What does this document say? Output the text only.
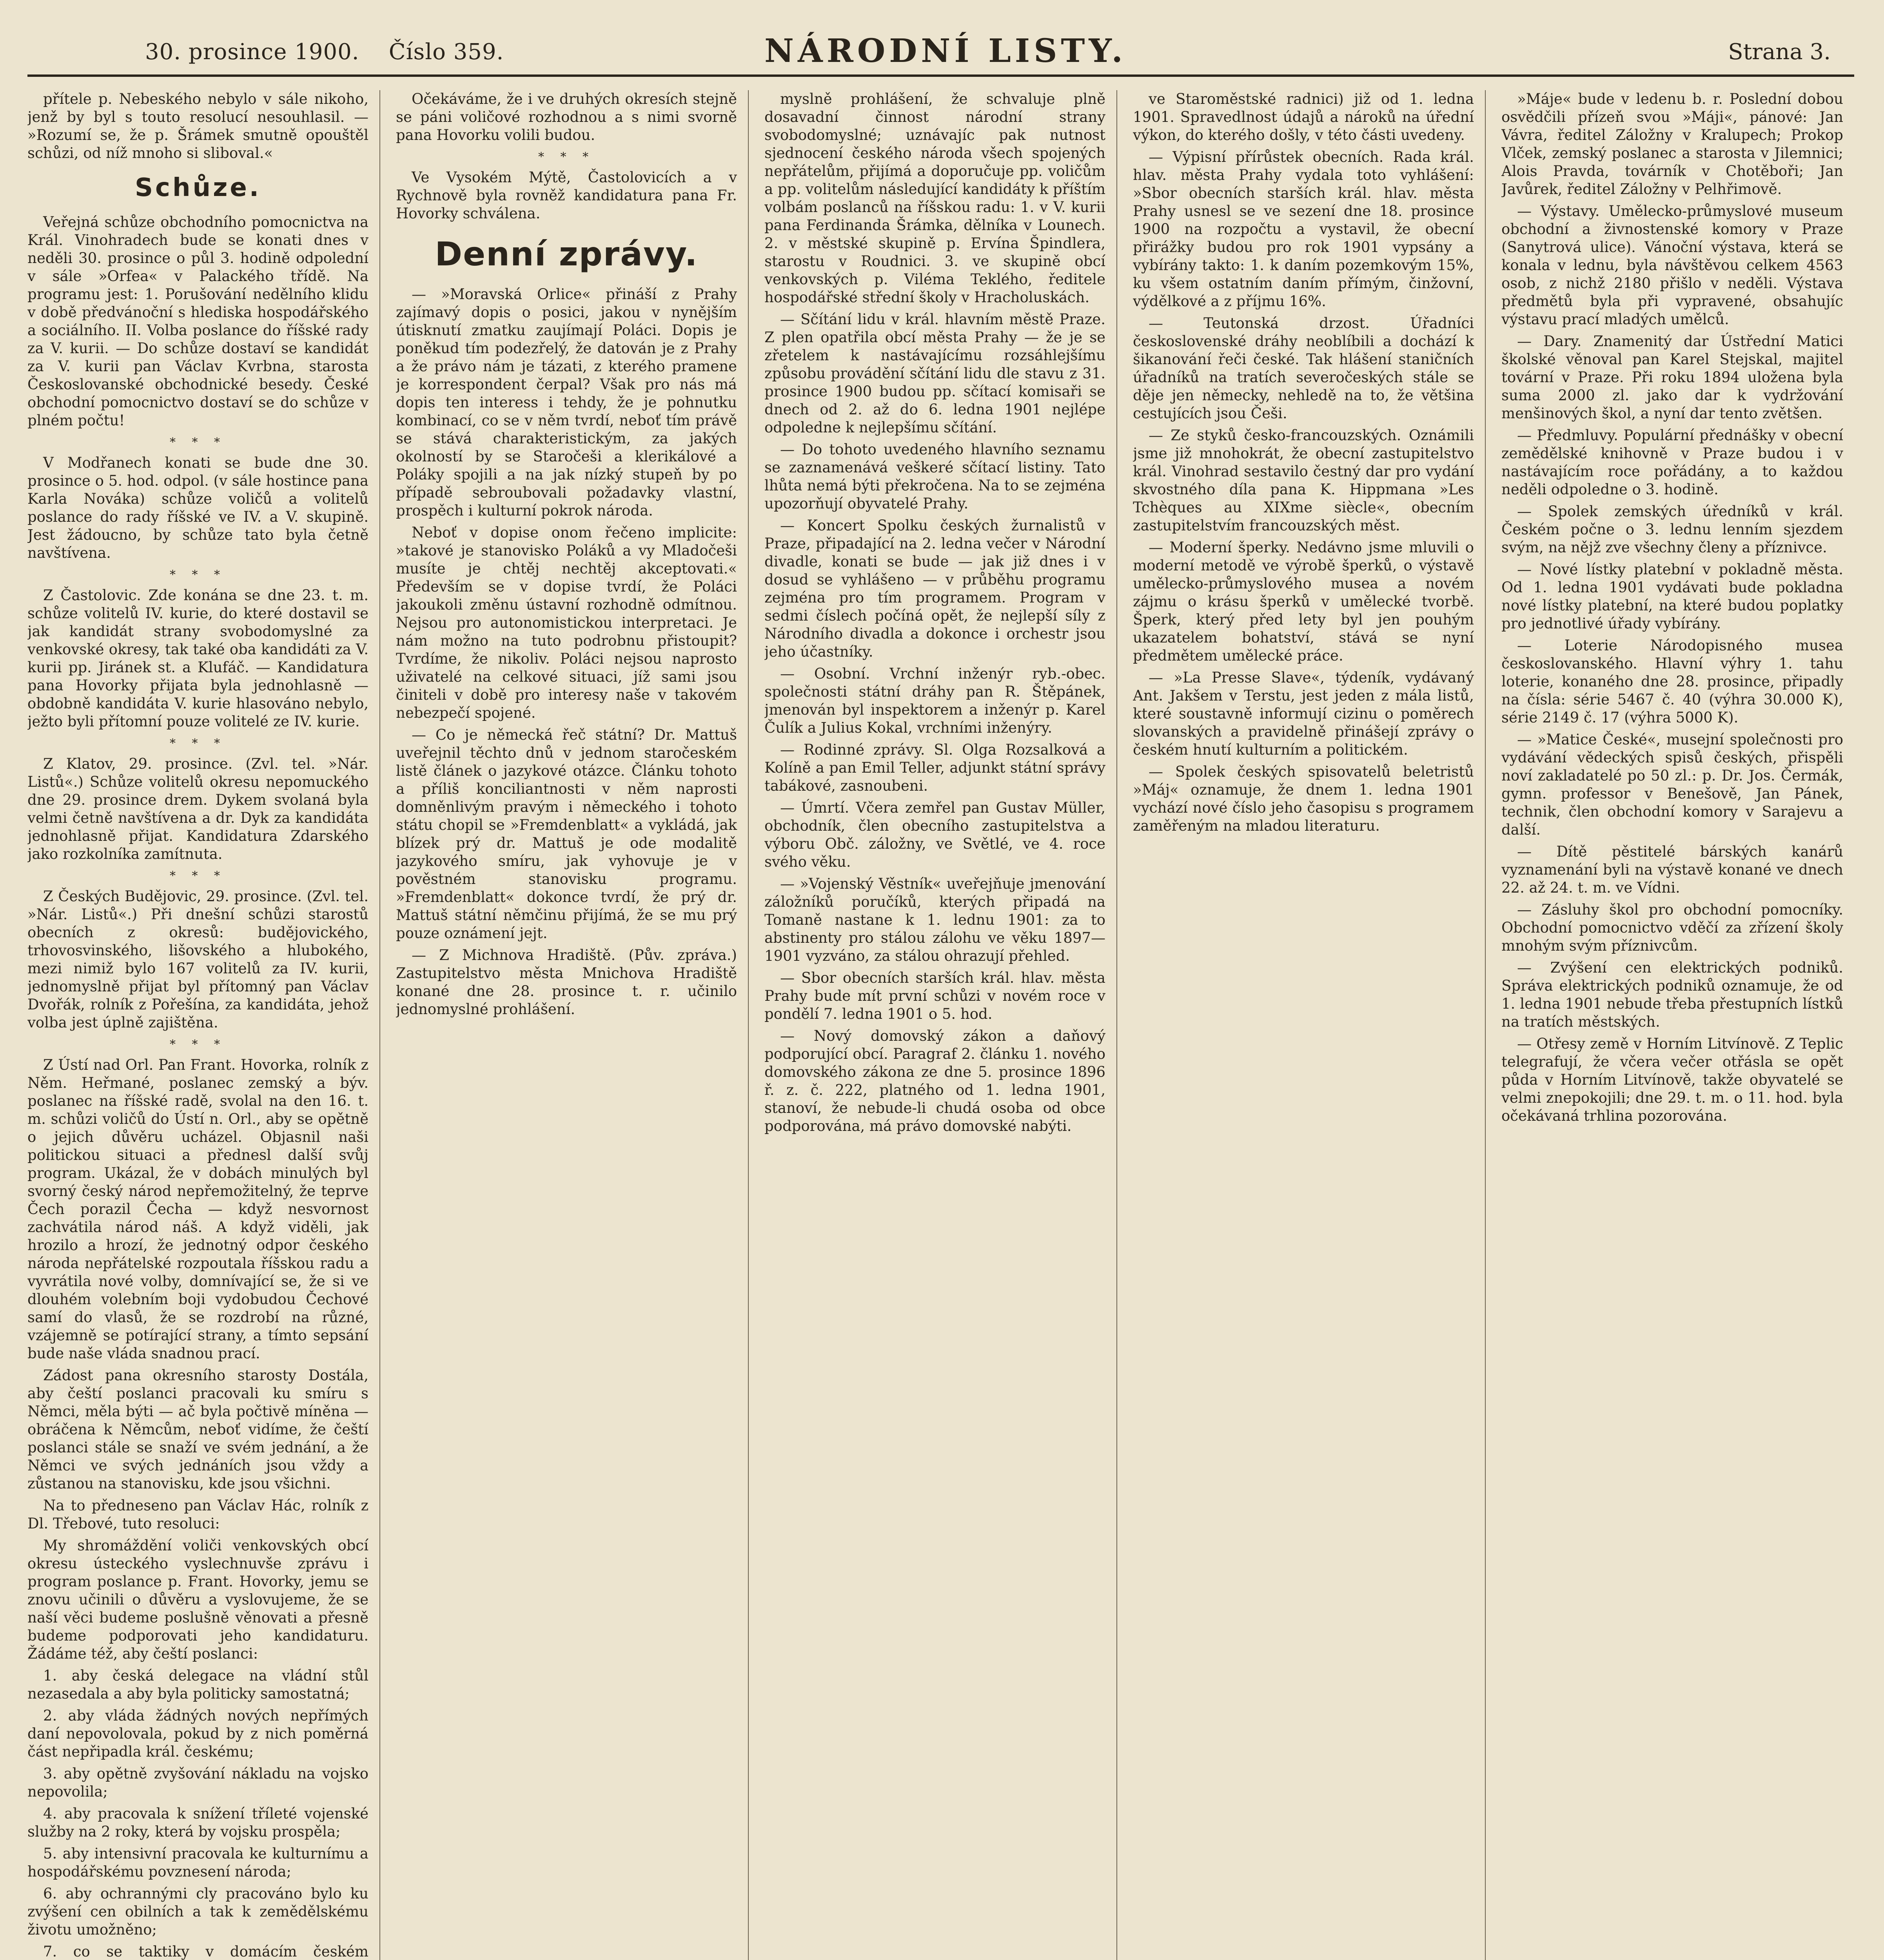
30. prosince 1900. Číslo 359.	NÁRODNÍ LISTY.	Strana 3.

přítele p. Nebeského nebylo v sále nikoho, jenž by byl s touto resolucí nesouhlasil. — »Rozumí se, že p. Šrámek smutně opouštěl schůzi, od níž mnoho si sliboval.«

Schůze.

Veřejná schůze obchodního pomocnictva na Král. Vinohradech bude se konati dnes v neděli 30. prosince o půl 3. hodině odpolední v sále »Orfea« v Palackého třídě. Na programu jest: 1. Porušování nedělního klidu v době předvánoční s hlediska hospodářského a sociálního. II. Volba poslance do říšské rady za V. kurii. — Do schůze dostaví se kandidát za V. kurii pan Václav Kvrbna, starosta Českoslovanské obchodnické besedy. České obchodní pomocnictvo dostaví se do schůze v plném počtu!

* * *

V Modřanech konati se bude dne 30. prosince o 5. hod. odpol. (v sále hostince pana Karla Nováka) schůze voličů a volitelů poslance do rady říšské ve IV. a V. skupině. Jest žádoucno, by schůze tato byla četně navštívena.

* * *

Z Častolovic. Zde konána se dne 23. t. m. schůze volitelů IV. kurie, do které dostavil se jak kandidát strany svobodomyslné za venkovské okresy, tak také oba kandidáti za V. kurii pp. Jiránek st. a Klufáč. — Kandidatura pana Hovorky přijata byla jednohlasně — obdobně kandidáta V. kurie hlasováno nebylo, ježto byli přítomní pouze volitelé ze IV. kurie.

* * *

Z Klatov, 29. prosince. (Zvl. tel. »Nár. Listů«.) Schůze volitelů okresu nepomuckého dne 29. prosince drem. Dykem svolaná byla velmi četně navštívena a dr. Dyk za kandidáta jednohlasně přijat. Kandidatura Zdarského jako rozkolníka zamítnuta.

* * *

Z Českých Budějovic, 29. prosince. (Zvl. tel. »Nár. Listů«.) Při dnešní schůzi starostů obecních z okresů: budějovického, trhovosvinského, lišovského a hlubokého, mezi nimiž bylo 167 volitelů za IV. kurii, jednomyslně přijat byl přítomný pan Václav Dvořák, rolník z Pořešína, za kandidáta, jehož volba jest úplně zajištěna.

* * *

Z Ústí nad Orl. Pan Frant. Hovorka, rolník z Něm. Heřmané, poslanec zemský a býv. poslanec na říšské radě, svolal na den 16. t. m. schůzi voličů do Ústí n. Orl., aby se opětně o jejich důvěru ucházel. Objasnil naši politickou situaci a přednesl další svůj program. Ukázal, že v dobách minulých byl svorný český národ nepřemožitelný, že teprve Čech porazil Čecha — když nesvornost zachvátila národ náš. A když viděli, jak hrozilo a hrozí, že jednotný odpor českého národa nepřátelské rozpoutala říšskou radu a vyvrátila nové volby, domnívající se, že si ve dlouhém volebním boji vydobudou Čechové samí do vlasů, že se rozdrobí na různé, vzájemně se potírající strany, a tímto sepsání bude naše vláda snadnou prací.

Zádost pana okresního starosty Dostála, aby čeští poslanci pracovali ku smíru s Němci, měla býti — ač byla počtivě míněna — obráčena k Němcům, neboť vidíme, že čeští poslanci stále se snaží ve svém jednání, a že Němci ve svých jednáních jsou vždy a zůstanou na stanovisku, kde jsou všichni.

Na to předneseno pan Václav Hác, rolník z Dl. Třebové, tuto resoluci:

My shromáždění voliči venkovských obcí okresu ústeckého vyslechnuvše zprávu i program poslance p. Frant. Hovorky, jemu se znovu učinili o důvěru a vyslovujeme, že se naší věci budeme poslušně věnovati a přesně budeme podporovati jeho kandidaturu. Žádáme též, aby čeští poslanci:

1. aby česká delegace na vládní stůl nezasedala a aby byla politicky samostatná;

2. aby vláda žádných nových nepřímých daní nepovolovala, pokud by z nich poměrná část nepřipadla král. českému;

3. aby opětně zvyšování nákladu na vojsko nepovolila;

4. aby pracovala k snížení tříleté vojenské služby na 2 roky, která by vojsku prospěla;

5. aby intensivní pracovala ke kulturnímu a hospodářskému povznesení národa;

6. aby ochrannými cly pracováno bylo ku zvýšení cen obilních a tak k zemědělskému životu umožněno;

7. co se taktiky v domácím českém

Očekáváme, že i ve druhých okresích stejně se páni voličové rozhodnou a s nimi svorně pana Hovorku volili budou.

* * *

Ve Vysokém Mýtě, Častolovicích a v Rychnově byla rovněž kandidatura pana Fr. Hovorky schválena.

Denní zprávy.

— »Moravská Orlice« přináší z Prahy zajímavý dopis o posici, jakou v nynějším útisknutí zmatku zaujímají Poláci. Dopis je poněkud tím podezřelý, že datován je z Prahy a že právo nám je tázati, z kterého pramene je korrespondent čerpal? Však pro nás má dopis ten interess i tehdy, že je pohnutku kombinací, co se v něm tvrdí, neboť tím právě se stává charakteristickým, za jakých okolností by se Staročeši a klerikálové a Poláky spojili a na jak nízký stupeň by po případě sebroubovali požadavky vlastní, prospěch i kulturní pokrok národa.

Neboť v dopise onom řečeno implicite: »takové je stanovisko Poláků a vy Mladočeši musíte je chtěj nechtěj akceptovati.« Především se v dopise tvrdí, že Poláci jakoukoli změnu ústavní rozhodně odmítnou. Nejsou pro autonomistickou interpretaci. Je nám možno na tuto podrobnu přistoupit? Tvrdíme, že nikoliv. Poláci nejsou naprosto uživatelé na celkové situaci, jíž sami jsou činiteli v době pro interesy naše v takovém nebezpečí spojené.

— Co je německá řeč státní? Dr. Mattuš uveřejnil těchto dnů v jednom staročeském listě článek o jazykové otázce. Článku tohoto a příliš konciliantnosti v něm naprosti domněnlivým pravým i německého i tohoto státu chopil se »Fremdenblatt« a vykládá, jak blízek prý dr. Mattuš je ode modalitě jazykového smíru, jak vyhovuje je v pověstném stanovisku programu. »Fremdenblatt« dokonce tvrdí, že prý dr. Mattuš státní němčinu přijímá, že se mu prý pouze oznámení jejt.

— Z Michnova Hradiště. (Pův. zpráva.) Zastupitelstvo města Mnichova Hradiště konané dne 28. prosince t. r. učinilo jednomyslné prohlášení.

myslně prohlášení, že schvaluje plně dosavadní činnost národní strany svobodomyslné; uznávajíc pak nutnost sjednocení českého národa všech spojených nepřátelům, přijímá a doporučuje pp. voličům a pp. volitelům následující kandidáty k příštím volbám poslanců na říšskou radu: 1. v V. kurii pana Ferdinanda Šrámka, dělníka v Lounech. 2. v městské skupině p. Ervína Špindlera, starostu v Roudnici. 3. ve skupině obcí venkovských p. Viléma Teklého, ředitele hospodářské střední školy v Hracholuskách.

— Sčítání lidu v král. hlavním městě Praze. Z plen opatřila obcí města Prahy — že je se zřetelem k nastávajícímu rozsáhlejšímu způsobu provádění sčítání lidu dle stavu z 31. prosince 1900 budou pp. sčítací komisaři se dnech od 2. až do 6. ledna 1901 nejlépe odpoledne k nejlepšímu sčítání.

— Do tohoto uvedeného hlavního seznamu se zaznamenává veškeré sčítací listiny. Tato lhůta nemá býti překročena. Na to se zejména upozorňují obyvatelé Prahy.

— Koncert Spolku českých žurnalistů v Praze, připadající na 2. ledna večer v Národní divadle, konati se bude — jak již dnes i v dosud se vyhlášeno — v průběhu programu zejména pro tím programem. Program v sedmi číslech počíná opět, že nejlepší síly z Národního divadla a dokonce i orchestr jsou jeho účastníky.

— Osobní. Vrchní inženýr ryb.-obec. společnosti státní dráhy pan R. Štěpánek, jmenován byl inspektorem a inženýr p. Karel Čulík a Julius Kokal, vrchními inženýry.

— Rodinné zprávy. Sl. Olga Rozsalková a Kolíně a pan Emil Teller, adjunkt státní správy tabákové, zasnoubeni.

— Úmrtí. Včera zemřel pan Gustav Müller, obchodník, člen obecního zastupitelstva a výboru Obč. záložny, ve Světlé, ve 4. roce svého věku.

— »Vojenský Věstník« uveřejňuje jmenování záložníků poručíků, kterých připadá na Tomaně nastane k 1. lednu 1901: za to abstinenty pro stálou zálohu ve věku 1897—1901 vyzváno, za stálou ohrazují přehled.

— Sbor obecních starších král. hlav. města Prahy bude mít první schůzi v novém roce v pondělí 7. ledna 1901 o 5. hod.

— Nový domovský zákon a daňový podporující obcí. Paragraf 2. článku 1. nového domovského zákona ze dne 5. prosince 1896 ř. z. č. 222, platného od 1. ledna 1901, stanoví, že nebude-li chudá osoba od obce podporována, má právo domovské nabýti.

ve Staroměstské radnici) již od 1. ledna 1901. Spravedlnost údajů a nároků na úřední výkon, do kterého došly, v této části uvedeny.

— Výpisní přírůstek obecních. Rada král. hlav. města Prahy vydala toto vyhlášení: »Sbor obecních starších král. hlav. města Prahy usnesl se ve sezení dne 18. prosince 1900 na rozpočtu a vystavil, že obecní přirážky budou pro rok 1901 vypsány a vybírány takto: 1. k daním pozemkovým 15%, ku všem ostatním daním přímým, činžovní, výdělkové a z příjmu 16%.

— Teutonská drzost. Úřadníci československé dráhy neoblíbili a dochází k šikanování řeči české. Tak hlášení staničních úřadníků na tratích severočeských stále se děje jen německy, nehledě na to, že většina cestujících jsou Češi.

— Ze styků česko-francouzských. Oznámili jsme již mnohokrát, že obecní zastupitelstvo král. Vinohrad sestavilo čestný dar pro vydání skvostného díla pana K. Hippmana »Les Tchèques au XIXme siècle«, obecním zastupitelstvím francouzských měst.

— Moderní šperky. Nedávno jsme mluvili o moderní metodě ve výrobě šperků, o výstavě umělecko-průmyslového musea a novém zájmu o krásu šperků v umělecké tvorbě. Šperk, který před lety byl jen pouhým ukazatelem bohatství, stává se nyní předmětem umělecké práce.

— »La Presse Slave«, týdeník, vydávaný Ant. Jakšem v Terstu, jest jeden z mála listů, které soustavně informují cizinu o poměrech slovanských a pravidelně přinášejí zprávy o českém hnutí kulturním a politickém.

— Spolek českých spisovatelů beletristů »Máj« oznamuje, že dnem 1. ledna 1901 vychází nové číslo jeho časopisu s programem zaměřeným na mladou literaturu.

»Máje« bude v ledenu b. r. Poslední dobou osvědčili přízeň svou »Máji«, pánové: Jan Vávra, ředitel Záložny v Kralupech; Prokop Vlček, zemský poslanec a starosta v Jilemnici; Alois Pravda, továrník v Chotěboři; Jan Javůrek, ředitel Záložny v Pelhřimově.

— Výstavy. Umělecko-průmyslové museum obchodní a živnostenské komory v Praze (Sanytrová ulice). Vánoční výstava, která se konala v lednu, byla návštěvou celkem 4563 osob, z nichž 2180 přišlo v neděli. Výstava předmětů byla při vypravené, obsahujíc výstavu prací mladých umělců.

— Dary. Znamenitý dar Ústřední Matici školské věnoval pan Karel Stejskal, majitel tovární v Praze. Při roku 1894 uložena byla suma 2000 zl. jako dar k vydržování menšinových škol, a nyní dar tento zvětšen.

— Předmluvy. Populární přednášky v obecní zemědělské knihovně v Praze budou i v nastávajícím roce pořádány, a to každou neděli odpoledne o 3. hodině.

— Spolek zemských úředníků v král. Českém počne o 3. lednu lenním sjezdem svým, na nějž zve všechny členy a příznivce.

— Nové lístky platební v pokladně města. Od 1. ledna 1901 vydávati bude pokladna nové lístky platební, na které budou poplatky pro jednotlivé úřady vybírány.

— Loterie Národopisného musea českoslovanského. Hlavní výhry 1. tahu loterie, konaného dne 28. prosince, připadly na čísla: série 5467 č. 40 (výhra 30.000 K), série 2149 č. 17 (výhra 5000 K).

— »Matice České«, musejní společnosti pro vydávání vědeckých spisů českých, přispěli noví zakladatelé po 50 zl.: p. Dr. Jos. Čermák, gymn. professor v Benešově, Jan Pánek, technik, člen obchodní komory v Sarajevu a další.

— Dítě pěstitelé bárských kanárů vyznamenání byli na výstavě konané ve dnech 22. až 24. t. m. ve Vídni.

— Zásluhy škol pro obchodní pomocníky. Obchodní pomocnictvo vděčí za zřízení školy mnohým svým příznivcům.

— Zvýšení cen elektrických podniků. Správa elektrických podniků oznamuje, že od 1. ledna 1901 nebude třeba přestupních lístků na tratích městských.

— Otřesy země v Horním Litvínově. Z Teplic telegrafují, že včera večer otřásla se opět půda v Horním Litvínově, takže obyvatelé se velmi znepokojili; dne 29. t. m. o 11. hod. byla očekávaná trhlina pozorována.
